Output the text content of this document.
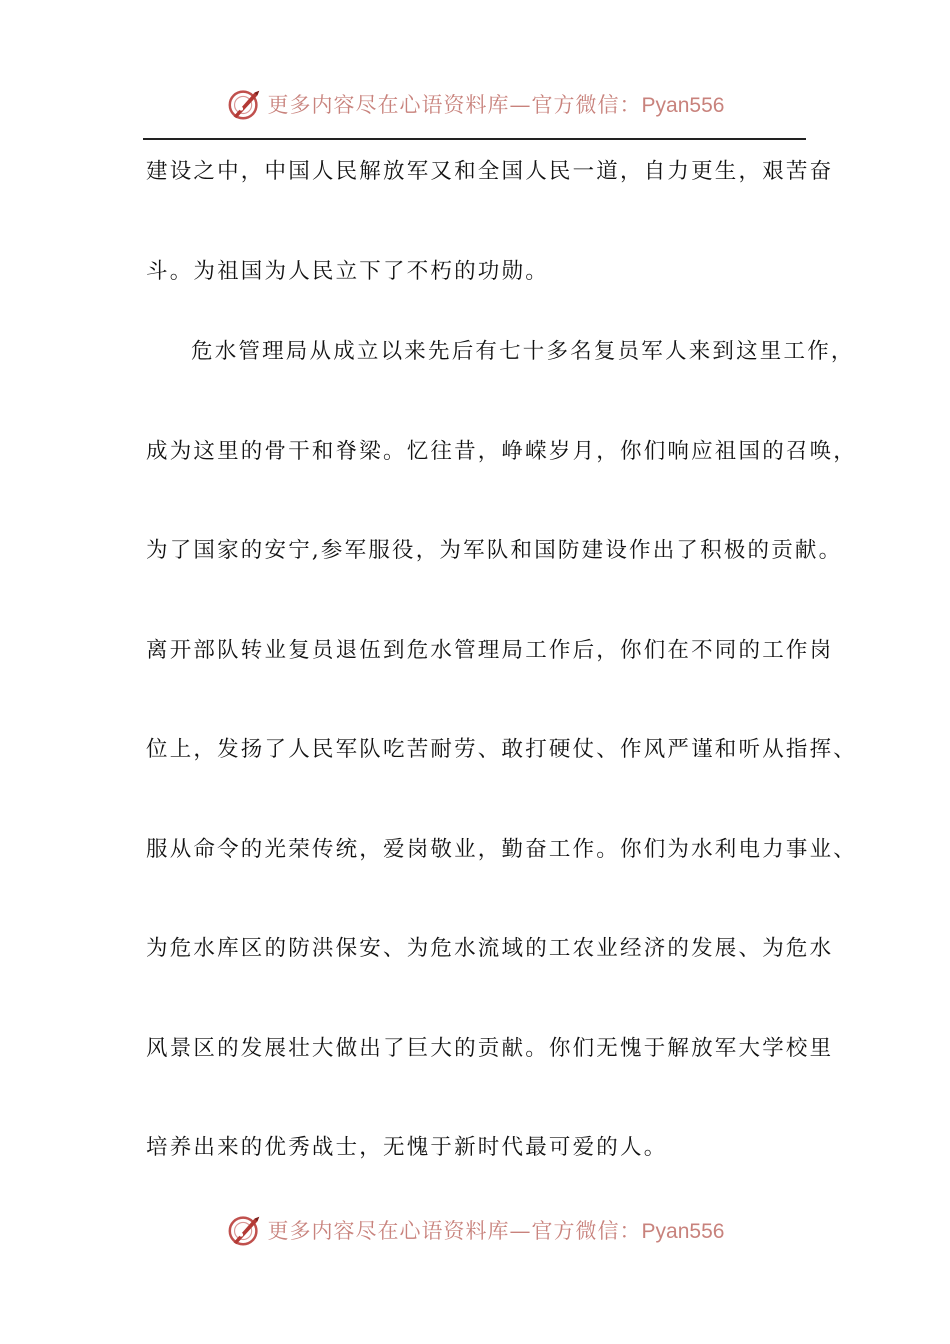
更多内容尽在心语资料库—官方微信：Pyan556
建设之中，中国人民解放军又和全国人民一道，自力更生，艰苦奋
斗。为祖国为人民立下了不朽的功勋。
危水管理局从成立以来先后有七十多名复员军人来到这里工作，
成为这里的骨干和脊梁。忆往昔，峥嵘岁月，你们响应祖国的召唤，
为了国家的安宁,参军服役，为军队和国防建设作出了积极的贡献。
离开部队转业复员退伍到危水管理局工作后，你们在不同的工作岗
位上，发扬了人民军队吃苦耐劳、敢打硬仗、作风严谨和听从指挥、
服从命令的光荣传统，爱岗敬业，勤奋工作。你们为水利电力事业、
为危水库区的防洪保安、为危水流域的工农业经济的发展、为危水
风景区的发展壮大做出了巨大的贡献。你们无愧于解放军大学校里
培养出来的优秀战士，无愧于新时代最可爱的人。
更多内容尽在心语资料库—官方微信：Pyan556
